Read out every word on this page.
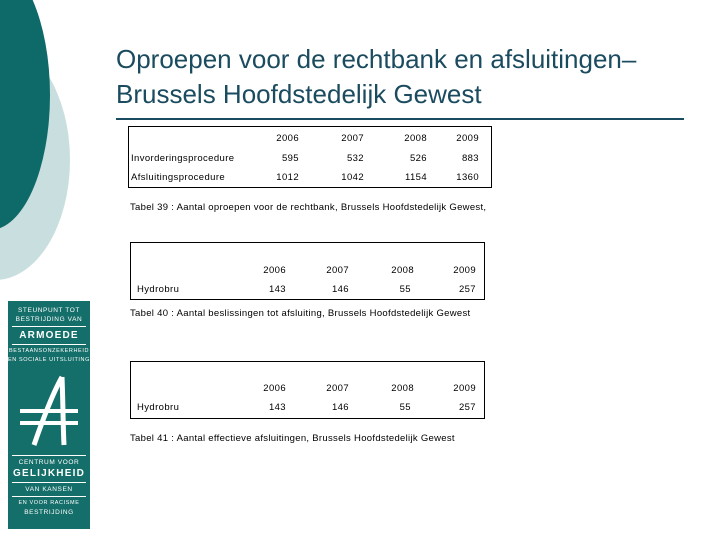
Oproepen voor de rechtbank en afsluitingen– Brussels Hoofdstedelijk Gewest
STEUNPUNT TOT
BESTRIJDING VAN
ARMOEDE
BESTAANSONZEKERHEID
EN SOCIALE UITSLUITING
CENTRUM VOOR
GELIJKHEID
VAN KANSEN
EN VOOR RACISME
BESTRIJDING
2006	2007	2008	2009
Invorderingsprocedure	595	532	526	883
Afsluitingsprocedure	1012	1042	1154	1360
Tabel 39 : Aantal oproepen voor de rechtbank, Brussels Hoofdstedelijk Gewest,
2006	2007	2008	2009
Hydrobru	143	146	55	257
Tabel 40 : Aantal beslissingen tot afsluiting, Brussels Hoofdstedelijk Gewest
2006	2007	2008	2009
Hydrobru	143	146	55	257
Tabel 41 : Aantal effectieve afsluitingen, Brussels Hoofdstedelijk Gewest
